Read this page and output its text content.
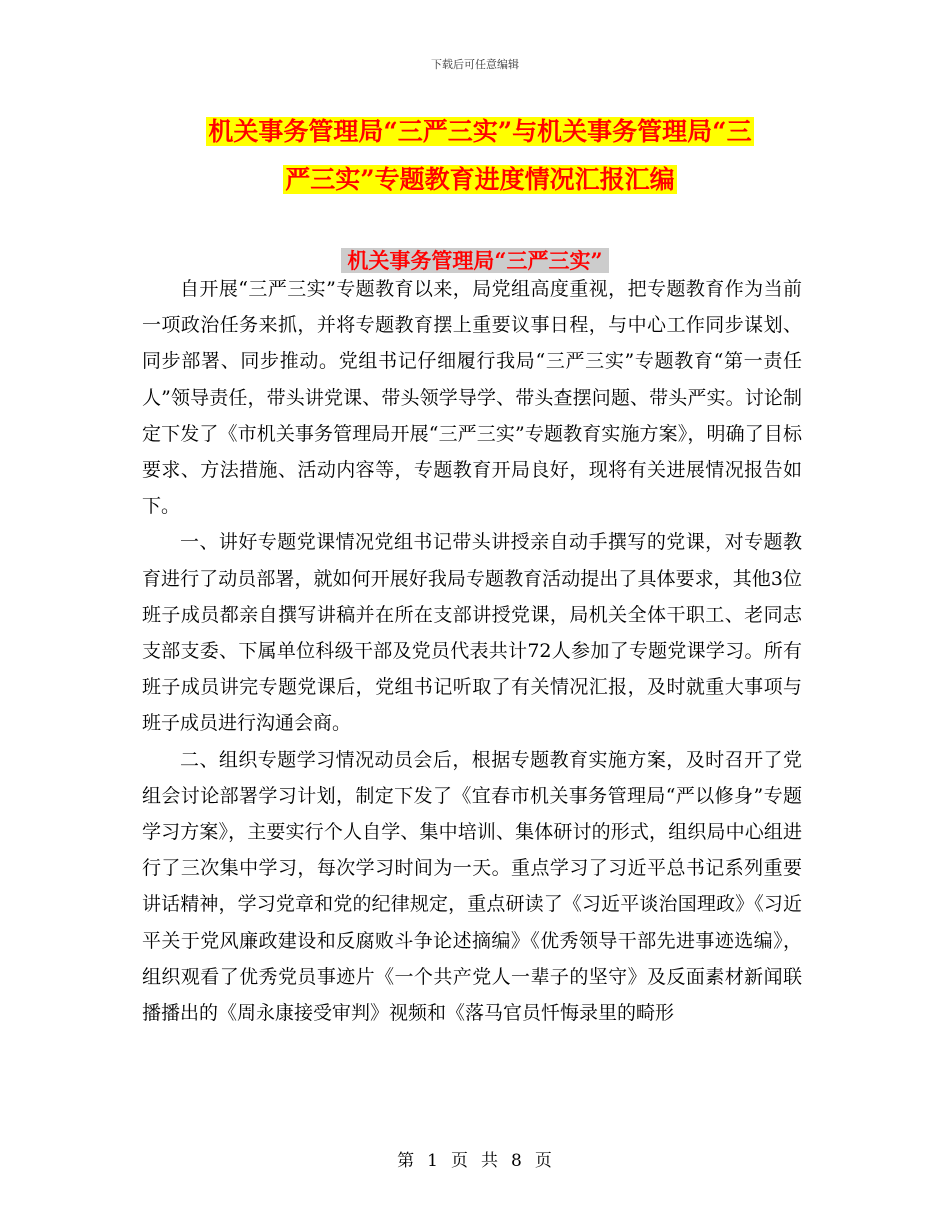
下载后可任意编辑
机关事务管理局“三严三实”与机关事务管理局“三
严三实”专题教育进度情况汇报汇编
机关事务管理局“三严三实”

自开展“三严三实”专题教育以来，局党组高度重视，把专题教育作为当前一项政治任务来抓，并将专题教育摆上重要议事日程，与中心工作同步谋划、同步部署、同步推动。党组书记仔细履行我局“三严三实”专题教育“第一责任人”领导责任，带头讲党课、带头领学导学、带头查摆问题、带头严实。讨论制定下发了《市机关事务管理局开展“三严三实”专题教育实施方案》，明确了目标要求、方法措施、活动内容等，专题教育开局良好，现将有关进展情况报告如下。

一、讲好专题党课情况党组书记带头讲授亲自动手撰写的党课，对专题教育进行了动员部署，就如何开展好我局专题教育活动提出了具体要求，其他3位班子成员都亲自撰写讲稿并在所在支部讲授党课，局机关全体干职工、老同志支部支委、下属单位科级干部及党员代表共计72人参加了专题党课学习。所有班子成员讲完专题党课后，党组书记听取了有关情况汇报，及时就重大事项与班子成员进行沟通会商。

二、组织专题学习情况动员会后，根据专题教育实施方案，及时召开了党组会讨论部署学习计划，制定下发了《宜春市机关事务管理局“严以修身”专题学习方案》，主要实行个人自学、集中培训、集体研讨的形式，组织局中心组进行了三次集中学习，每次学习时间为一天。重点学习了习近平总书记系列重要讲话精神，学习党章和党的纪律规定，重点研读了《习近平谈治国理政》《习近平关于党风廉政建设和反腐败斗争论述摘编》《优秀领导干部先进事迹选编》，组织观看了优秀党员事迹片《一个共产党人一辈子的坚守》及反面素材新闻联播播出的《周永康接受审判》视频和《落马官员忏悔录里的畸形

第 1 页 共 8 页
